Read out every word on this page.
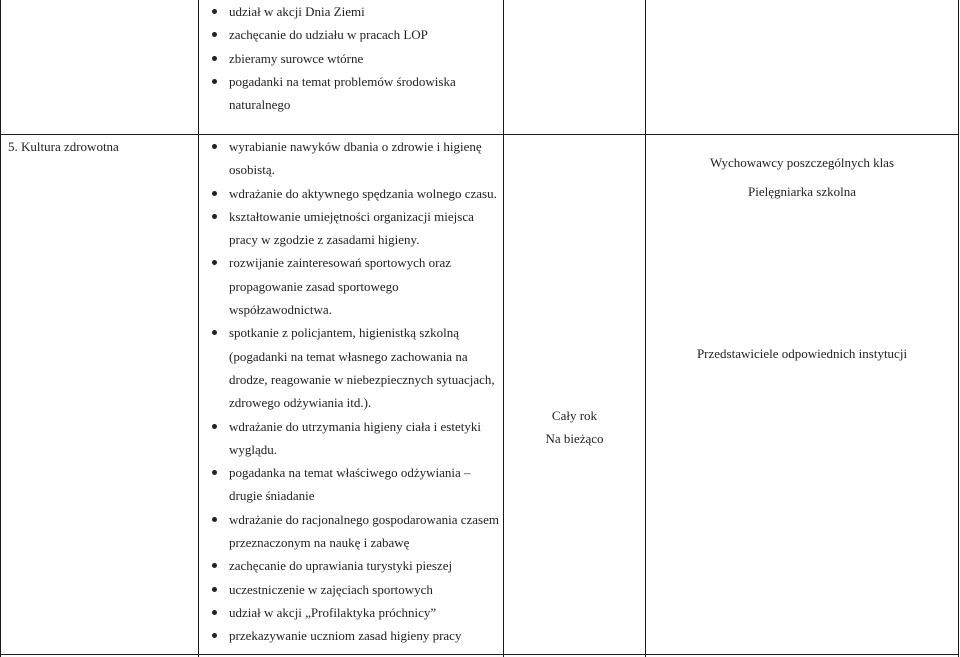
udział w akcji Dnia Ziemi
zachęcanie do udziału w pracach LOP
zbieramy surowce wtórne
pogadanki na temat problemów środowiska naturalnego
5. Kultura zdrowotna	wyrabianie nawyków dbania o zdrowie i higienę osobistą.
wdrażanie do aktywnego spędzania wolnego czasu.
kształtowanie umiejętności organizacji miejsca pracy w zgodzie z zasadami higieny.
rozwijanie zainteresowań sportowych oraz propagowanie zasad sportowego współzawodnictwa.
spotkanie z policjantem, higienistką szkolną (pogadanki na temat własnego zachowania na drodze, reagowanie w niebezpiecznych sytuacjach, zdrowego odżywiania itd.).
wdrażanie do utrzymania higieny ciała i estetyki wyglądu.
pogadanka na temat właściwego odżywiania – drugie śniadanie
wdrażanie do racjonalnego gospodarowania czasem przeznaczonym na naukę i zabawę
zachęcanie do uprawiania turystyki pieszej
uczestniczenie w zajęciach sportowych
udział w akcji „Profilaktyka próchnicy”
przekazywanie uczniom zasad higieny pracy
Cały rok
Na bieżąco
Wychowawcy poszczególnych klas
Pielęgniarka szkolna
Przedstawiciele odpowiednich instytucji
